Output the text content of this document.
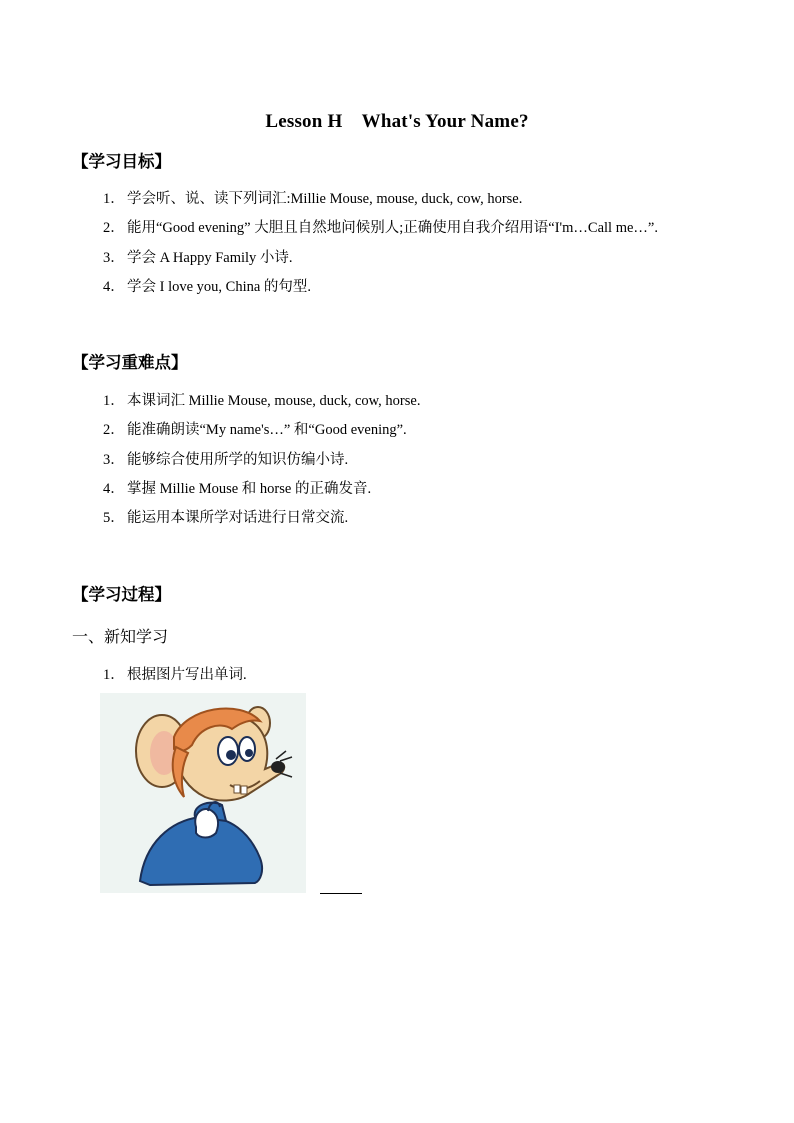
Lesson H　What's Your Name?
【学习目标】
1． 学会听、说、读下列词汇:Millie Mouse, mouse, duck, cow, horse.
2． 能用“Good evening” 大胆且自然地问候别人;正确使用自我介绍用语“I'm…Call me…”.
3． 学会 A Happy Family 小诗.
4． 学会 I love you, China 的句型.
【学习重难点】
1． 本课词汇 Millie Mouse, mouse, duck, cow, horse.
2． 能准确朗读“My name's…” 和“Good evening”.
3． 能够综合使用所学的知识仿编小诗.
4． 掌握 Millie Mouse 和 horse 的正确发音.
5． 能运用本课所学对话进行日常交流.
【学习过程】
一、新知学习
1． 根据图片写出单词.
